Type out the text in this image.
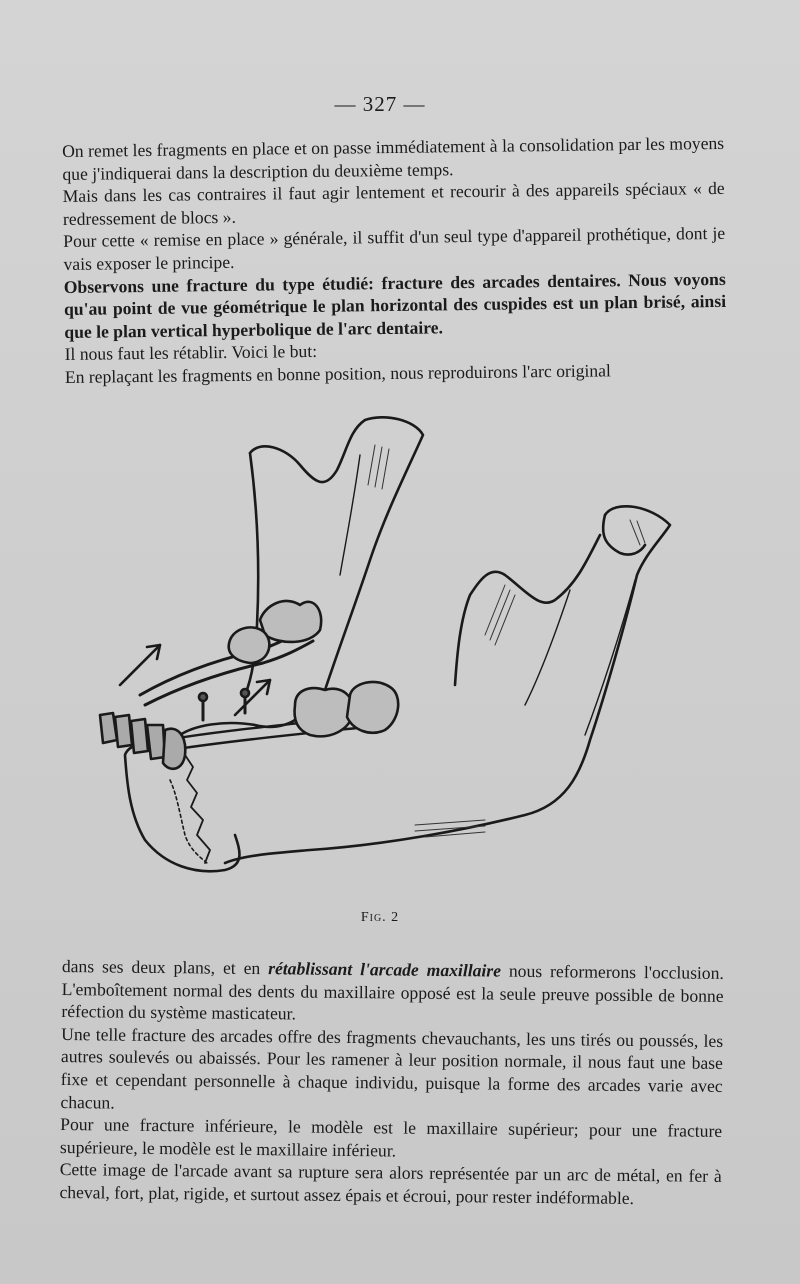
— 327 —

On remet les fragments en place et on passe immédiatement à la consolidation par les moyens que j'indiquerai dans la description du deuxième temps.

Mais dans les cas contraires il faut agir lentement et recourir à des appareils spéciaux « de redressement de blocs ».

Pour cette « remise en place » générale, il suffit d'un seul type d'appareil prothétique, dont je vais exposer le principe.

Observons une fracture du type étudié: fracture des arcades dentaires. Nous voyons qu'au point de vue géométrique le plan horizontal des cuspides est un plan brisé, ainsi que le plan vertical hyperbolique de l'arc dentaire.

Il nous faut les rétablir. Voici le but:

En replaçant les fragments en bonne position, nous reproduirons l'arc original

Fig. 2

dans ses deux plans, et en rétablissant l'arcade maxillaire nous reformerons l'occlusion. L'emboîtement normal des dents du maxillaire opposé est la seule preuve possible de bonne réfection du système masticateur.

Une telle fracture des arcades offre des fragments chevauchants, les uns tirés ou poussés, les autres soulevés ou abaissés. Pour les ramener à leur position normale, il nous faut une base fixe et cependant personnelle à chaque individu, puisque la forme des arcades varie avec chacun.

Pour une fracture inférieure, le modèle est le maxillaire supérieur; pour une fracture supérieure, le modèle est le maxillaire inférieur.

Cette image de l'arcade avant sa rupture sera alors représentée par un arc de métal, en fer à cheval, fort, plat, rigide, et surtout assez épais et écroui, pour rester indéformable.
